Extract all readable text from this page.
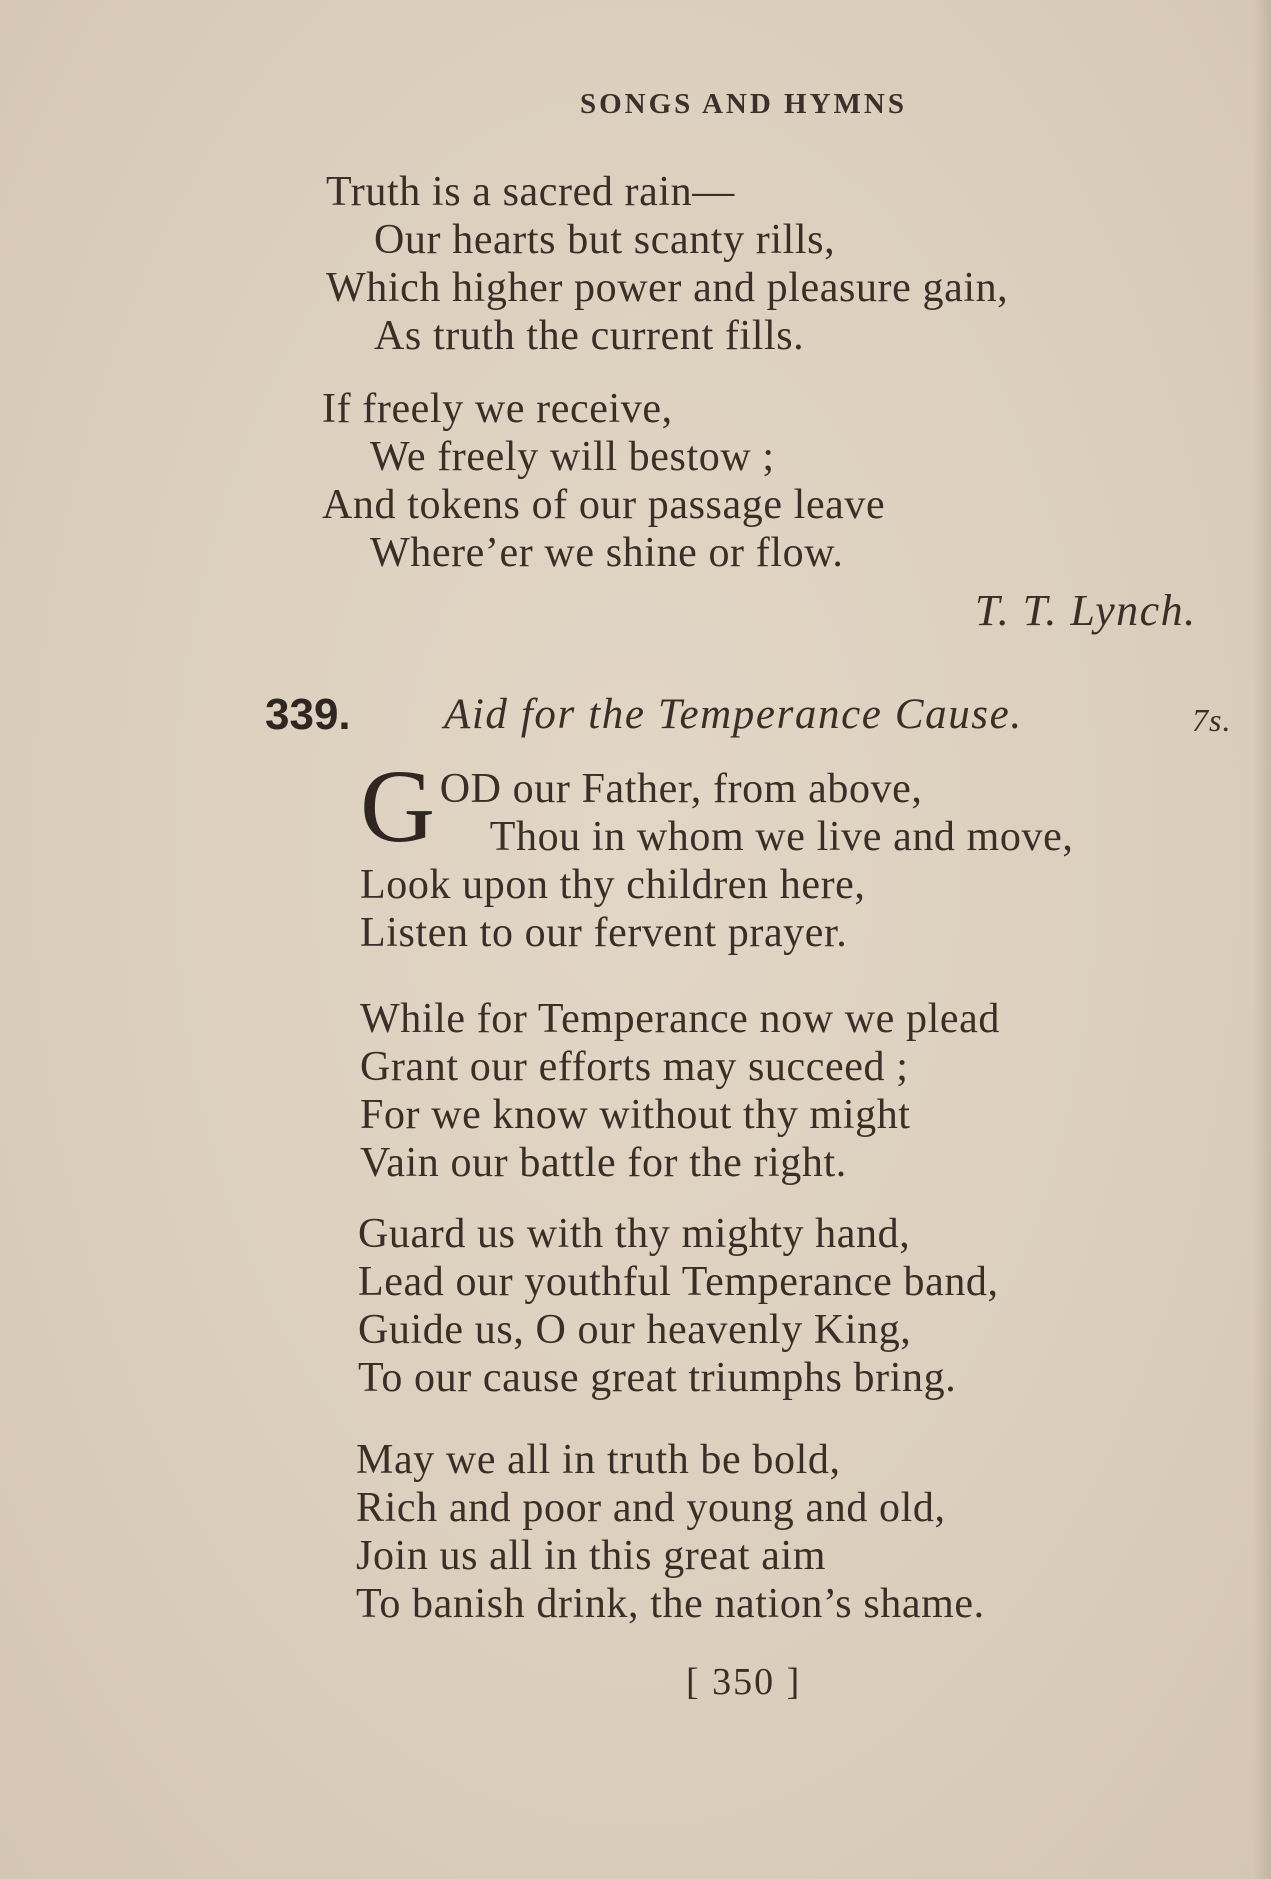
SONGS AND HYMNS
Truth is a sacred rain—
Our hearts but scanty rills,
Which higher power and pleasure gain,
As truth the current fills.
If freely we receive,
We freely will bestow ;
And tokens of our passage leave
Where’er we shine or flow.
T. T. Lynch.
339. Aid for the Temperance Cause.	7s.
G OD our Father, from above,
Thou in whom we live and move,
Look upon thy children here,
Listen to our fervent prayer.
While for Temperance now we plead
Grant our efforts may succeed ;
For we know without thy might
Vain our battle for the right.
Guard us with thy mighty hand,
Lead our youthful Temperance band,
Guide us, O our heavenly King,
To our cause great triumphs bring.
May we all in truth be bold,
Rich and poor and young and old,
Join us all in this great aim
To banish drink, the nation’s shame.
[ 350 ]
